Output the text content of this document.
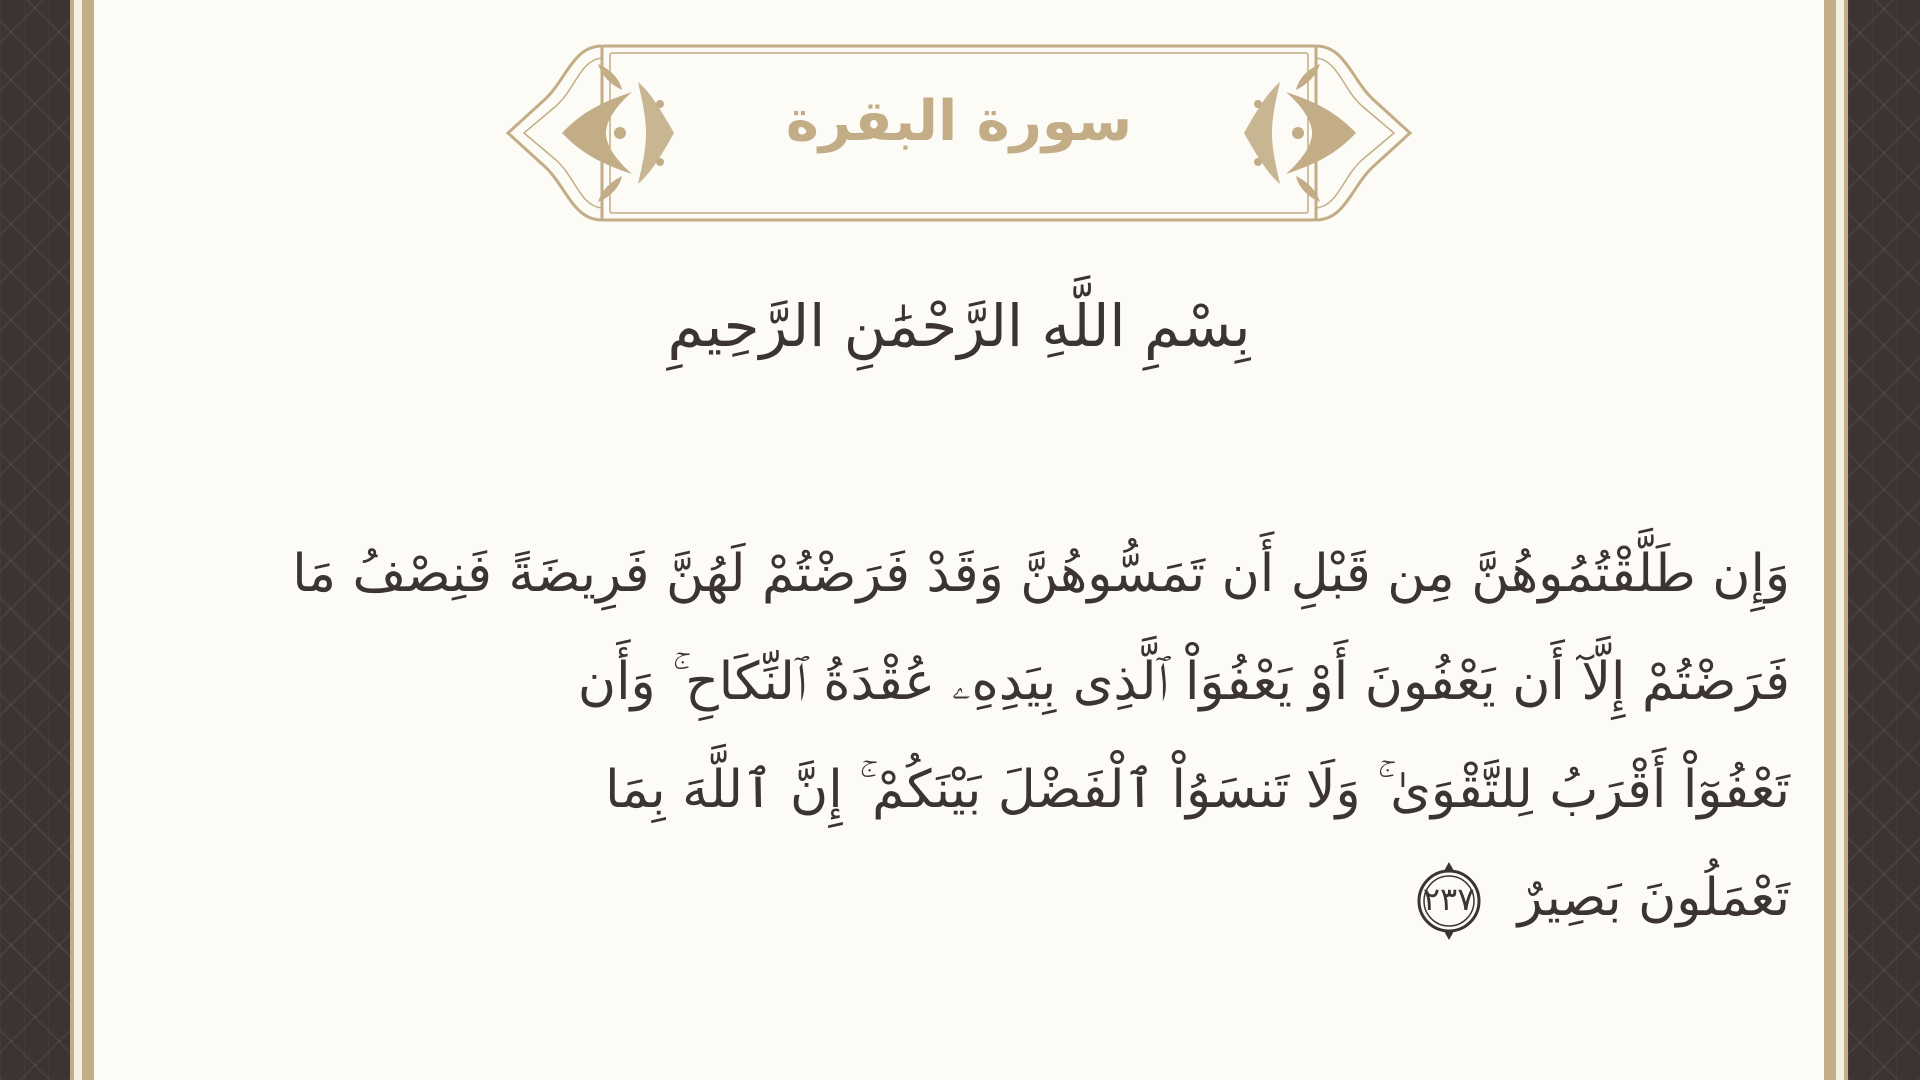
سورة البقرة
بِسْمِ اللَّهِ الرَّحْمَٰنِ الرَّحِيمِ
وَإِن طَلَّقْتُمُوهُنَّ مِن قَبْلِ أَن تَمَسُّوهُنَّ وَقَدْ فَرَضْتُمْ لَهُنَّ فَرِيضَةً فَنِصْفُ مَا
فَرَضْتُمْ إِلَّآ أَن يَعْفُونَ أَوْ يَعْفُوَاْ ٱلَّذِى بِيَدِهِۦ عُقْدَةُ ٱلنِّكَاحِ ۚ وَأَن
تَعْفُوٓاْ أَقْرَبُ لِلتَّقْوَىٰ ۚ وَلَا تَنسَوُاْ ٱلْفَضْلَ بَيْنَكُمْ ۚ إِنَّ ٱللَّهَ بِمَا
تَعْمَلُونَ بَصِيرٌ
٢٣٧
